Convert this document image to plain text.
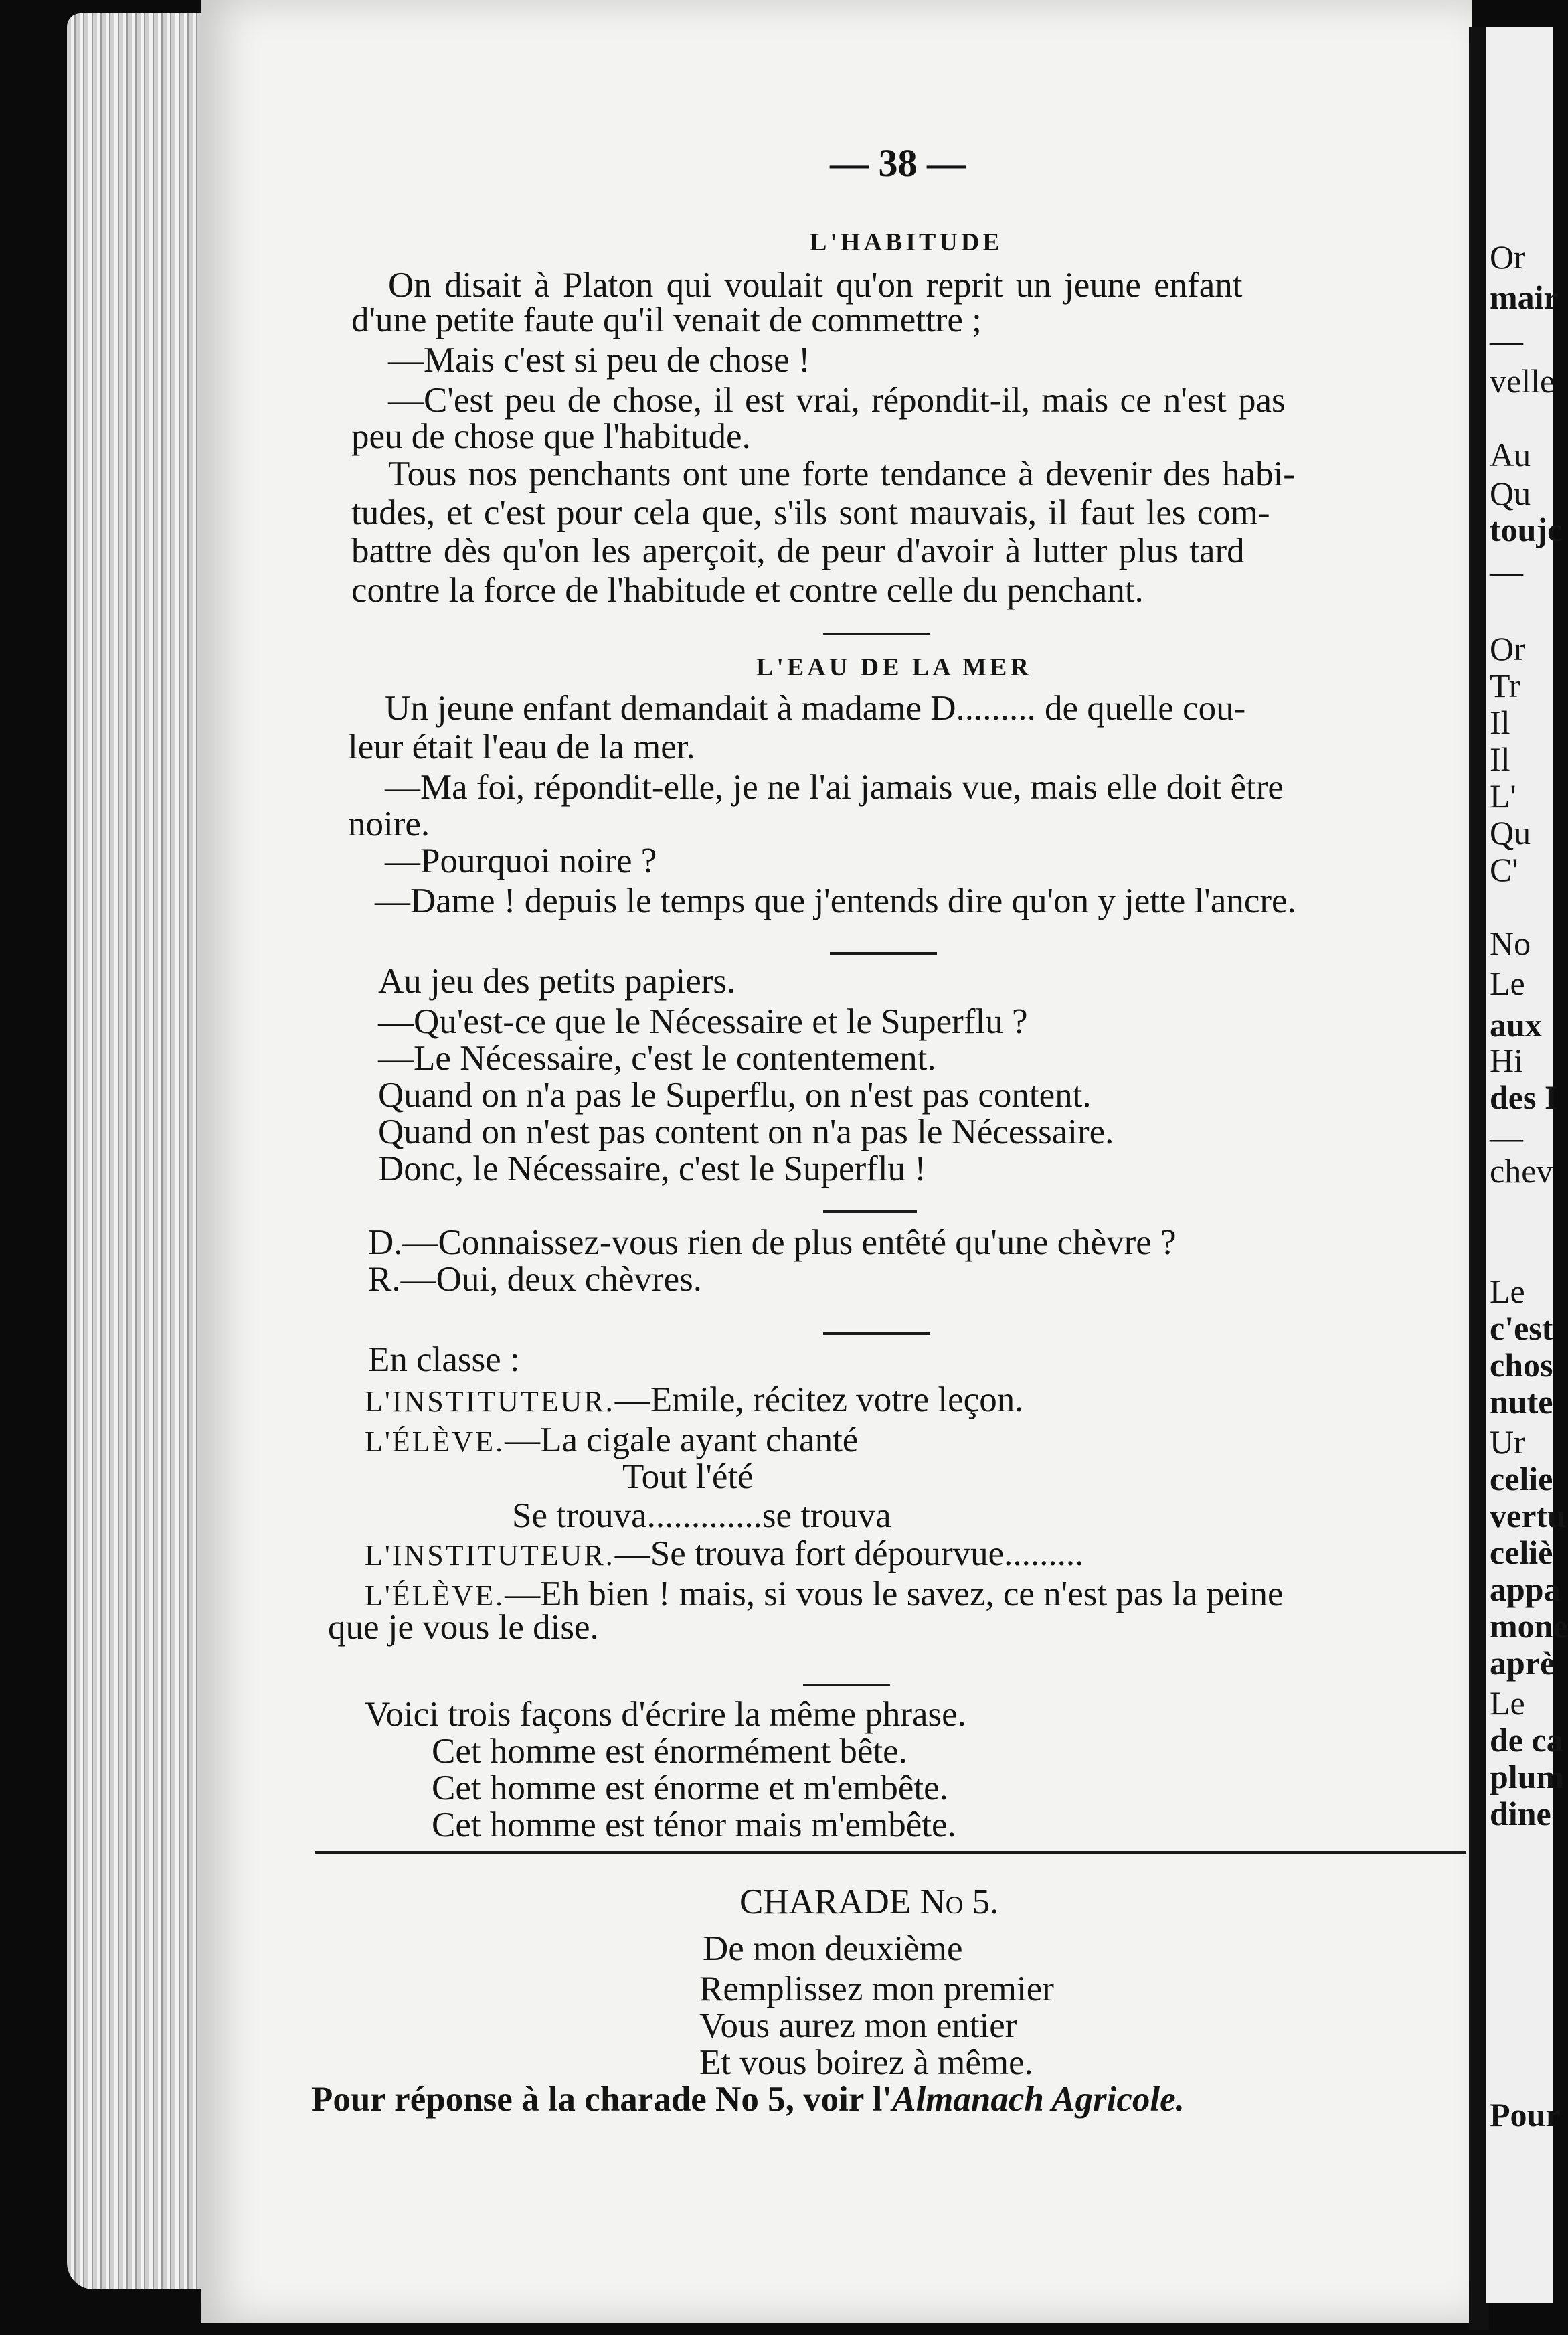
Or
mair
—
velle
Au
Qu
toujc
—
Or
Tr
Il
Il
L'
Qu
C'
No
Le
aux
Hi
des I
—
chev
Le
c'est
chos
nute
Ur
celie
vertu
celiè
appa
mone
aprè
Le
de ca
plum
dine
Pour
— 38 —
L'HABITUDE
On disait à Platon qui voulait qu'on reprit un jeune enfant
d'une petite faute qu'il venait de commettre ;
—Mais c'est si peu de chose !
—C'est peu de chose, il est vrai, répondit-il, mais ce n'est pas
peu de chose que l'habitude.
Tous nos penchants ont une forte tendance à devenir des habi-
tudes, et c'est pour cela que, s'ils sont mauvais, il faut les com-
battre dès qu'on les aperçoit, de peur d'avoir à lutter plus tard
contre la force de l'habitude et contre celle du penchant.
L'EAU DE LA MER
Un jeune enfant demandait à madame D......... de quelle cou-
leur était l'eau de la mer.
—Ma foi, répondit-elle, je ne l'ai jamais vue, mais elle doit être
noire.
—Pourquoi noire ?
—Dame ! depuis le temps que j'entends dire qu'on y jette l'ancre.
Au jeu des petits papiers.
—Qu'est-ce que le Nécessaire et le Superflu ?
—Le Nécessaire, c'est le contentement.
Quand on n'a pas le Superflu, on n'est pas content.
Quand on n'est pas content on n'a pas le Nécessaire.
Donc, le Nécessaire, c'est le Superflu !
D.—Connaissez-vous rien de plus entêté qu'une chèvre ?
R.—Oui, deux chèvres.
En classe :
L'INSTITUTEUR.—Emile, récitez votre leçon.
L'ÉLÈVE.—La cigale ayant chanté
Tout l'été
Se trouva.............se trouva
L'INSTITUTEUR.—Se trouva fort dépourvue.........
L'ÉLÈVE.—Eh bien ! mais, si vous le savez, ce n'est pas la peine
que je vous le dise.
Voici trois façons d'écrire la même phrase.
Cet homme est énormément bête.
Cet homme est énorme et m'embête.
Cet homme est ténor mais m'embête.
CHARADE No 5.
De mon deuxième
Remplissez mon premier
Vous aurez mon entier
Et vous boirez à même.
Pour réponse à la charade No 5, voir l'Almanach Agricole.
